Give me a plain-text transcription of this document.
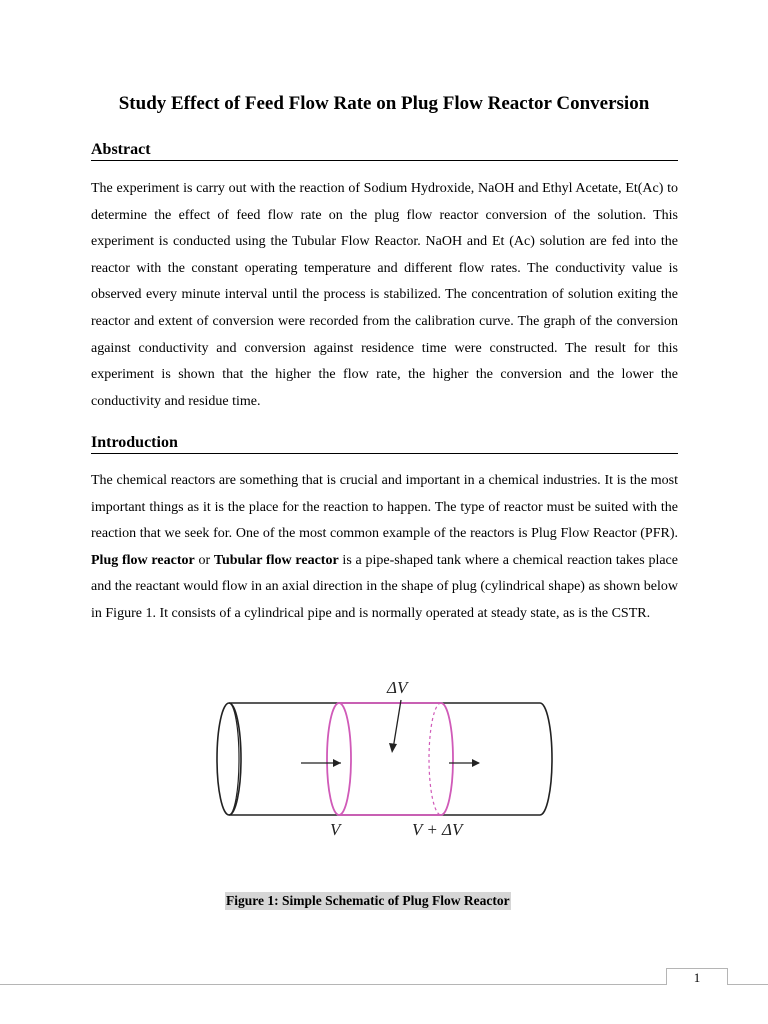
Study Effect of Feed Flow Rate on Plug Flow Reactor Conversion
Abstract

The experiment is carry out with the reaction of Sodium Hydroxide, NaOH and Ethyl Acetate, Et(Ac) to determine the effect of feed flow rate on the plug flow reactor conversion of the solution. This experiment is conducted using the Tubular Flow Reactor. NaOH and Et (Ac) solution are fed into the reactor with the constant operating temperature and different flow rates. The conductivity value is observed every minute interval until the process is stabilized. The concentration of solution exiting the reactor and extent of conversion were recorded from the calibration curve. The graph of the conversion against conductivity and conversion against residence time were constructed. The result for this experiment is shown that the higher the flow rate, the higher the conversion and the lower the conductivity and residue time.

Introduction

The chemical reactors are something that is crucial and important in a chemical industries. It is the most important things as it is the place for the reaction to happen. The type of reactor must be suited with the reaction that we seek for. One of the most common example of the reactors is Plug Flow Reactor (PFR). Plug flow reactor or Tubular flow reactor is a pipe-shaped tank where a chemical reaction takes place and the reactant would flow in an axial direction in the shape of plug (cylindrical shape) as shown below in Figure 1. It consists of a cylindrical pipe and is normally operated at steady state, as is the CSTR.

ΔV
V	V + ΔV
Figure 1: Simple Schematic of Plug Flow Reactor
1
